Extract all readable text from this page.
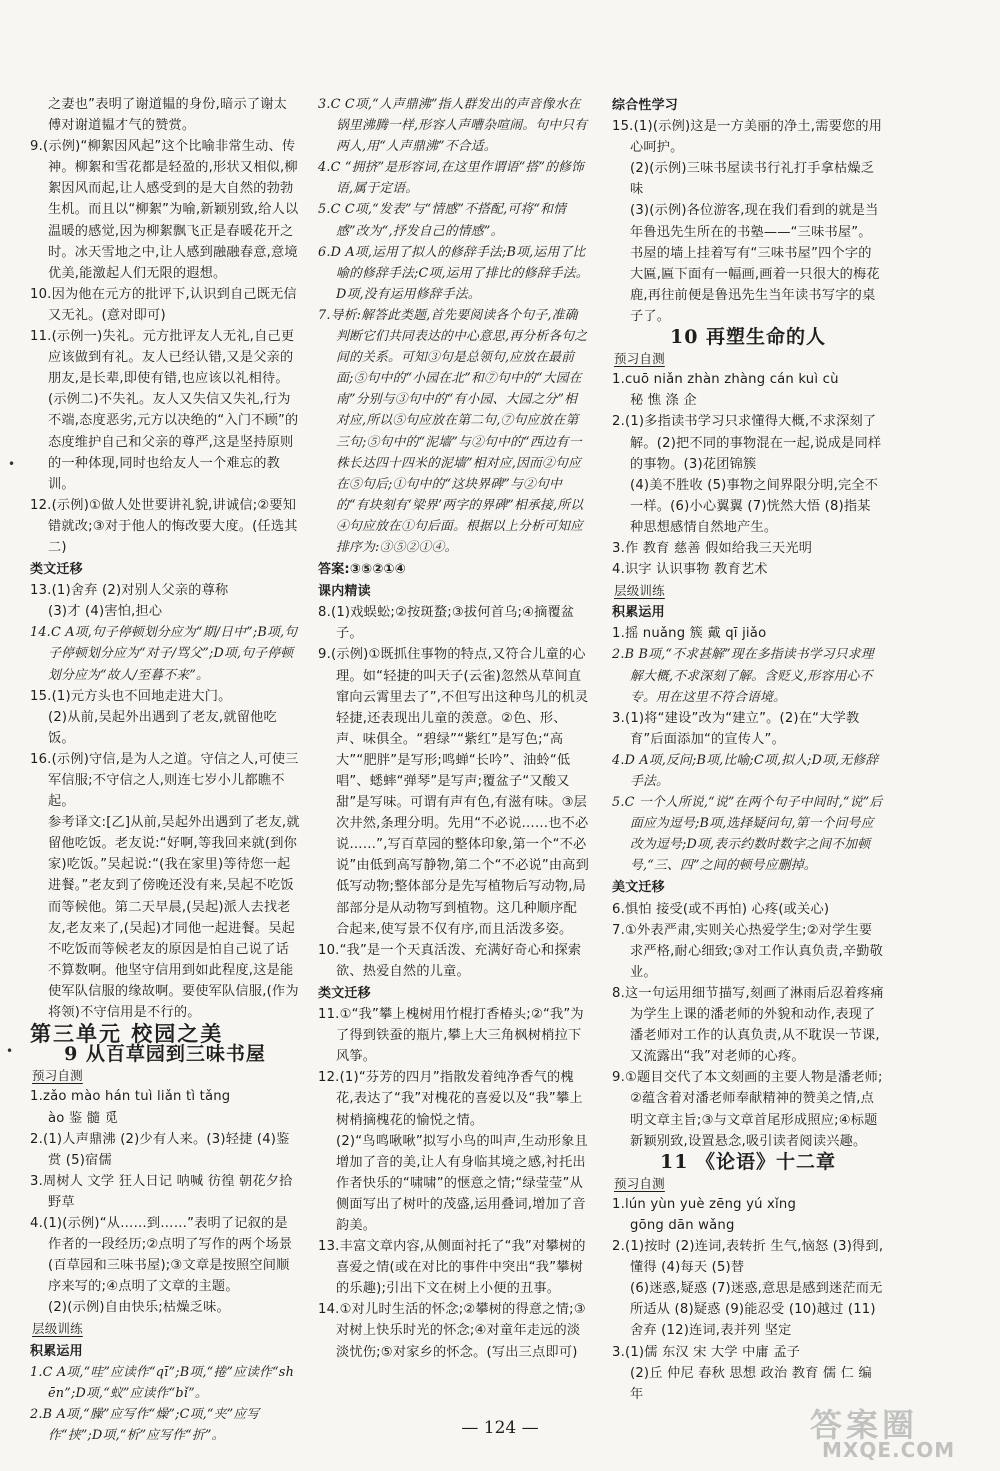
之妻也”表明了谢道韫的身份,暗示了谢太傅对谢道韫才气的赞赏。

9.(示例)“柳絮因风起”这个比喻非常生动、传神。柳絮和雪花都是轻盈的,形状又相似,柳絮因风而起,让人感受到的是大自然的勃勃生机。而且以“柳絮”为喻,新颖别致,给人以温暖的感觉,因为柳絮飘飞正是春暖花开之时。冰天雪地之中,让人感到融融春意,意境优美,能激起人们无限的遐想。

10.因为他在元方的批评下,认识到自己既无信又无礼。(意对即可)

11.(示例一)失礼。元方批评友人无礼,自己更应该做到有礼。友人已经认错,又是父亲的朋友,是长辈,即使有错,也应该以礼相待。(示例二)不失礼。友人又失信又失礼,行为不端,态度恶劣,元方以决绝的“入门不顾”的态度维护自己和父亲的尊严,这是坚持原则的一种体现,同时也给友人一个难忘的教训。

12.(示例)①做人处世要讲礼貌,讲诚信;②要知错就改;③对于他人的悔改要大度。(任选其二)

类文迁移

13.(1)舍弃 (2)对别人父亲的尊称

(3)才 (4)害怕,担心

14.C A项,句子停顿划分应为“期/日中”;B项,句子停顿划分应为“对子/骂父”;D项,句子停顿划分应为“故人/至暮不来”。

15.(1)元方头也不回地走进大门。

(2)从前,吴起外出遇到了老友,就留他吃饭。

16.(示例)守信,是为人之道。守信之人,可使三军信服;不守信之人,则连七岁小儿都瞧不起。

参考译文:[乙]从前,吴起外出遇到了老友,就留他吃饭。老友说:“好啊,等我回来就(到你家)吃饭。”吴起说:“(我在家里)等待您一起进餐。”老友到了傍晚还没有来,吴起不吃饭而等候他。第二天早晨,(吴起)派人去找老友,老友来了,(吴起)才同他一起进餐。吴起不吃饭而等候老友的原因是怕自己说了话不算数啊。他坚守信用到如此程度,这是能使军队信服的缘故啊。要使军队信服,(作为将领)不守信用是不行的。

第三单元 校园之美

9 从百草园到三味书屋

预习自测

1.zǎo mào hán tuì liǎn tì tǎng

ào 鉴 髓 觅

2.(1)人声鼎沸 (2)少有人来。(3)轻捷 (4)鉴赏 (5)宿儒

3.周树人 文学 狂人日记 呐喊 彷徨 朝花夕拾 野草

4.(1)(示例)“从……到……”表明了记叙的是作者的一段经历;②点明了写作的两个场景(百草园和三味书屋);③文章是按照空间顺序来写的;④点明了文章的主题。

(2)(示例)自由快乐;枯燥乏味。

层级训练

积累运用

1.C A项,“哇”应读作“qī”;B项,“捲”应读作“shēn”;D项,“蚁”应读作“bǐ”。

2.B A项,“臊”应写作“燥”;C项,“夹”应写作“挟”;D项,“析”应写作“折”。

3.C C项,“人声鼎沸”指人群发出的声音像水在锅里沸腾一样,形容人声嘈杂喧闹。句中只有两人,用“人声鼎沸”不合适。

4.C “拥挤”是形容词,在这里作谓语“搭”的修饰语,属于定语。

5.C C项,“发表”与“情感”不搭配,可将“和情感”改为“,抒发自己的情感”。

6.D A项,运用了拟人的修辞手法;B项,运用了比喻的修辞手法;C项,运用了排比的修辞手法。D项,没有运用修辞手法。

7.导析:解答此类题,首先要阅读各个句子,准确判断它们共同表达的中心意思,再分析各句之间的关系。可知③句是总领句,应放在最前面;⑤句中的“小园在北”和⑦句中的“大园在南”分别与③句中的“有小园、大园之分”相对应,所以⑤句应放在第二句,⑦句应放在第三句;⑤句中的“泥墙”与②句中的“西边有一株长达四十四米的泥墙”相对应,因而②句应在⑤句后;①句中的“这块界碑”与②句中的“有块刻有‘梁界’两字的界碑”相承接,所以④句应放在①句后面。根据以上分析可知应排序为:③⑤②①④。

答案:③⑤②①④

课内精读

8.(1)戏蜈蚣;②按斑蝥;③拔何首乌;④摘覆盆子。

9.(示例)①既抓住事物的特点,又符合儿童的心理。如“轻捷的叫天子(云雀)忽然从草间直窜向云霄里去了”,不但写出这种鸟儿的机灵轻捷,还表现出儿童的羡意。②色、形、声、味俱全。“碧绿”“紫红”是写色;“高大”“肥胖”是写形;鸣蝉“长吟”、油蛉“低唱”、蟋蟀“弹琴”是写声;覆盆子“又酸又甜”是写味。可谓有声有色,有滋有味。③层次井然,条理分明。先用“不必说……也不必说……”,写百草园的整体印象,第一个“不必说”由低到高写静物,第二个“不必说”由高到低写动物;整体部分是先写植物后写动物,局部部分是从动物写到植物。这几种顺序配合起来,使写景不仅有序,而且活泼多姿。

10.“我”是一个天真活泼、充满好奇心和探索欲、热爱自然的儿童。

类文迁移

11.①“我”攀上槐树用竹棍打香椿头;②“我”为了得到铁蚕的瓶片,攀上大三角枫树梢拉下风筝。

12.(1)“芬芳的四月”指散发着纯净香气的槐花,表达了“我”对槐花的喜爱以及“我”攀上树梢摘槐花的愉悦之情。

(2)“鸟鸣啾啾”拟写小鸟的叫声,生动形象且增加了音的美,让人有身临其境之感,衬托出作者快乐的“啸啸”的惬意之情;“绿莹莹”从侧面写出了树叶的茂盛,运用叠词,增加了音韵美。

13.丰富文章内容,从侧面衬托了“我”对攀树的喜爱之情(或在对比的事件中突出“我”攀树的乐趣);引出下文在树上小便的丑事。

14.①对儿时生活的怀念;②攀树的得意之情;③对树上快乐时光的怀念;④对童年走远的淡淡忧伤;⑤对家乡的怀念。(写出三点即可)

综合性学习

15.(1)(示例)这是一方美丽的净土,需要您的用心呵护。

(2)(示例)三味书屋读书行礼打手拿枯燥乏味

(3)(示例)各位游客,现在我们看到的就是当年鲁迅先生所在的书塾——“三味书屋”。书屋的墙上挂着写有“三味书屋”四个字的大匾,匾下面有一幅画,画着一只很大的梅花鹿,再往前便是鲁迅先生当年读书写字的桌子了。

10 再塑生命的人

预习自测

1.cuō niǎn zhàn zhàng cán kuì cù

秘 憔 涤 企

2.(1)多指读书学习只求懂得大概,不求深刻了解。(2)把不同的事物混在一起,说成是同样的事物。(3)花团锦簇

(4)美不胜收 (5)事物之间界限分明,完全不一样。(6)小心翼翼 (7)恍然大悟 (8)指某种思想感情自然地产生。

3.作 教育 慈善 假如给我三天光明

4.识字 认识事物 教育艺术

层级训练

积累运用

1.摇 nuǎng 簇 戴 qī jiǎo

2.B B项,“不求甚解”现在多指读书学习只求理解大概,不求深刻了解。含贬义,形容用心不专。用在这里不符合语境。

3.(1)将“建设”改为“建立”。(2)在“大学教育”后面添加“的宣传人”。

4.D A项,反问;B项,比喻;C项,拟人;D项,无修辞手法。

5.C 一个人所说,“说”在两个句子中间时,“说”后面应为逗号;B项,选择疑问句,第一个问号应改为逗号;D项,表示约数时数字之间不加顿号,“三、四”之间的顿号应删掉。

美文迁移

6.惧怕 接受(或不再怕) 心疼(或关心)

7.①外表严肃,实则关心热爱学生;②对学生要求严格,耐心细致;③对工作认真负责,辛勤敬业。

8.这一句运用细节描写,刻画了淋雨后忍着疼痛为学生上课的潘老师的外貌和动作,表现了潘老师对工作的认真负责,从不耽误一节课,又流露出“我”对老师的心疼。

9.①题目交代了本文刻画的主要人物是潘老师;②蕴含着对潘老师奉献精神的赞美之情,点明文章主旨;③与文章首尾形成照应;④标题新颖别致,设置悬念,吸引读者阅读兴趣。

11 《论语》十二章

预习自测

1.lún yùn yuè zēng yú xǐng

gōng dān wǎng

2.(1)按时 (2)连词,表转折 生气,恼怒 (3)得到,懂得 (4)每天 (5)替

(6)迷惑,疑惑 (7)迷惑,意思是感到迷茫而无所适从 (8)疑惑 (9)能忍受 (10)越过 (11)舍弃 (12)连词,表并列 坚定

3.(1)儒 东汉 宋 大学 中庸 孟子

(2)丘 仲尼 春秋 思想 政治 教育 儒 仁 编年

•
•
— 124 —	答案圈
MXQE.COM
